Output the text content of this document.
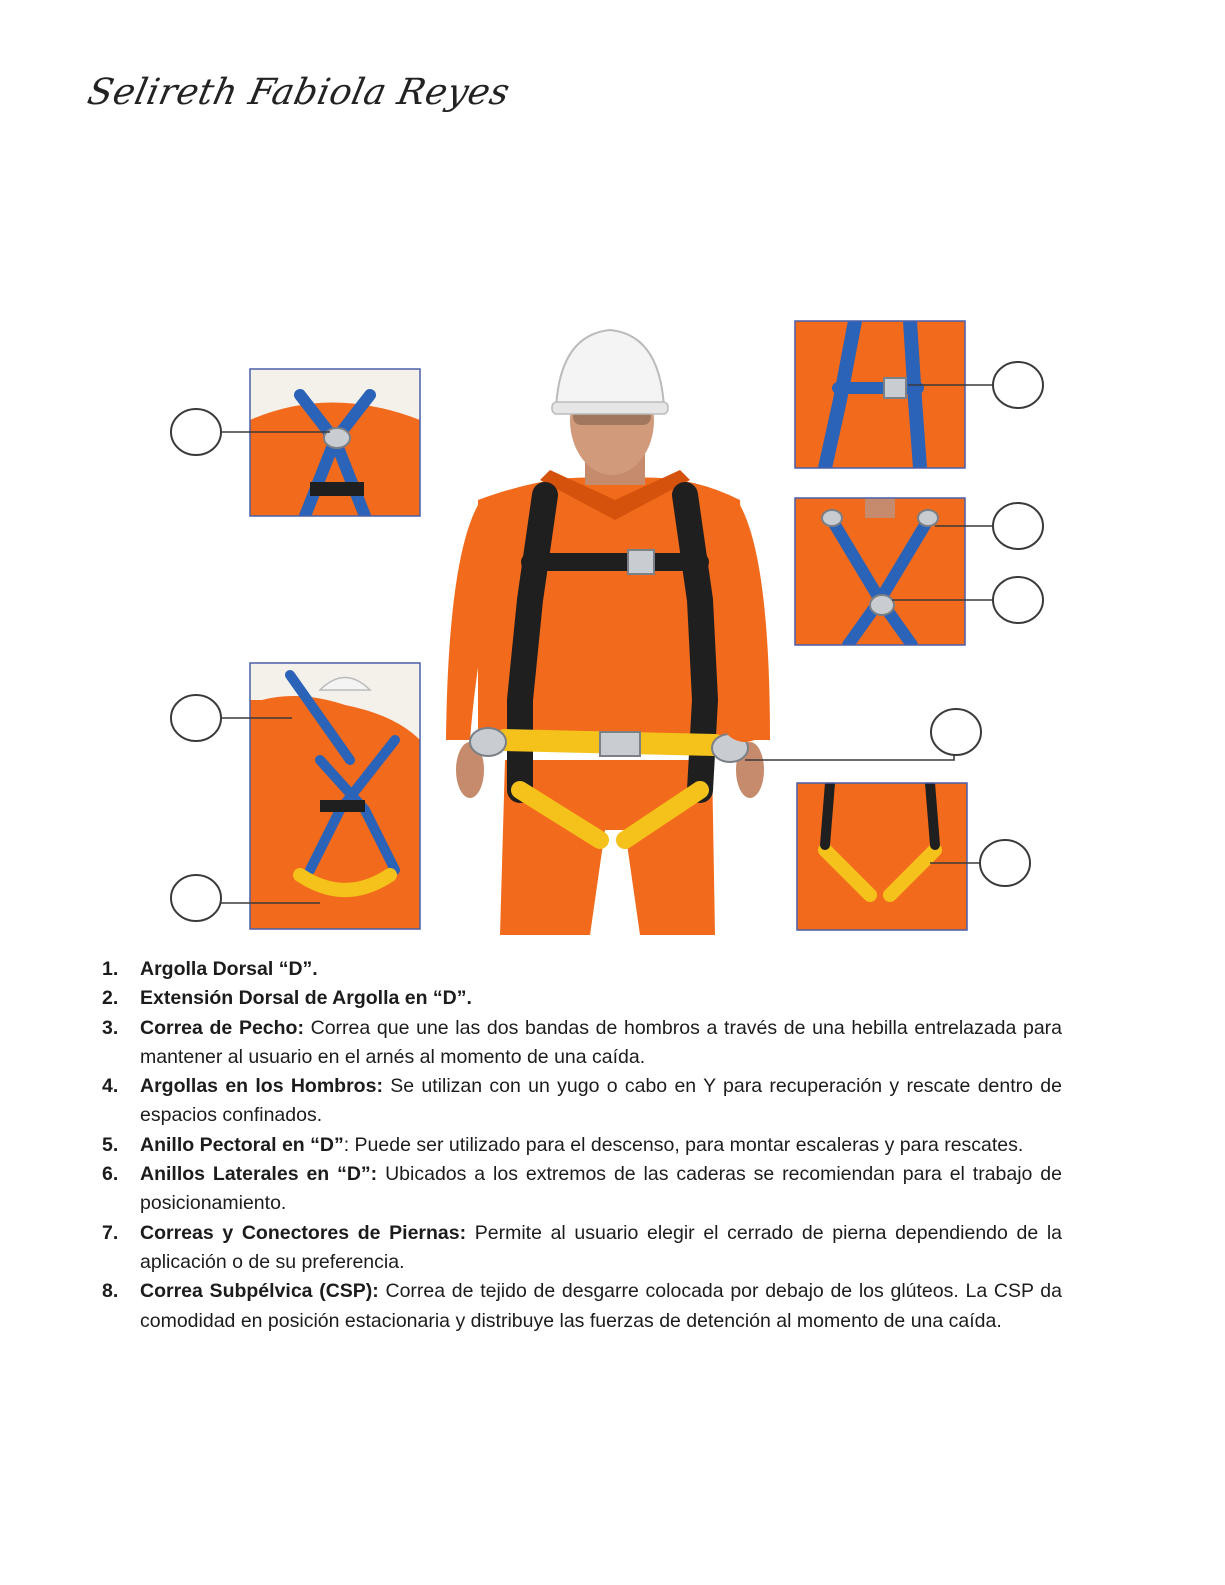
Selireth Fabiola Reyes
1. Argolla Dorsal “D”.
2. Extensión Dorsal de Argolla en “D”.
3. Correa de Pecho: Correa que une las dos bandas de hombros a través de una hebilla entrelazada para mantener al usuario en el arnés al momento de una caída.
4. Argollas en los Hombros: Se utilizan con un yugo o cabo en Y para recuperación y rescate dentro de espacios confinados.
5. Anillo Pectoral en “D”: Puede ser utilizado para el descenso, para montar escaleras y para rescates.
6. Anillos Laterales en “D”: Ubicados a los extremos de las caderas se recomiendan para el trabajo de posicionamiento.
7. Correas y Conectores de Piernas: Permite al usuario elegir el cerrado de pierna dependiendo de la aplicación o de su preferencia.
8. Correa Subpélvica (CSP): Correa de tejido de desgarre colocada por debajo de los glúteos. La CSP da comodidad en posición estacionaria y distribuye las fuerzas de detención al momento de una caída.
